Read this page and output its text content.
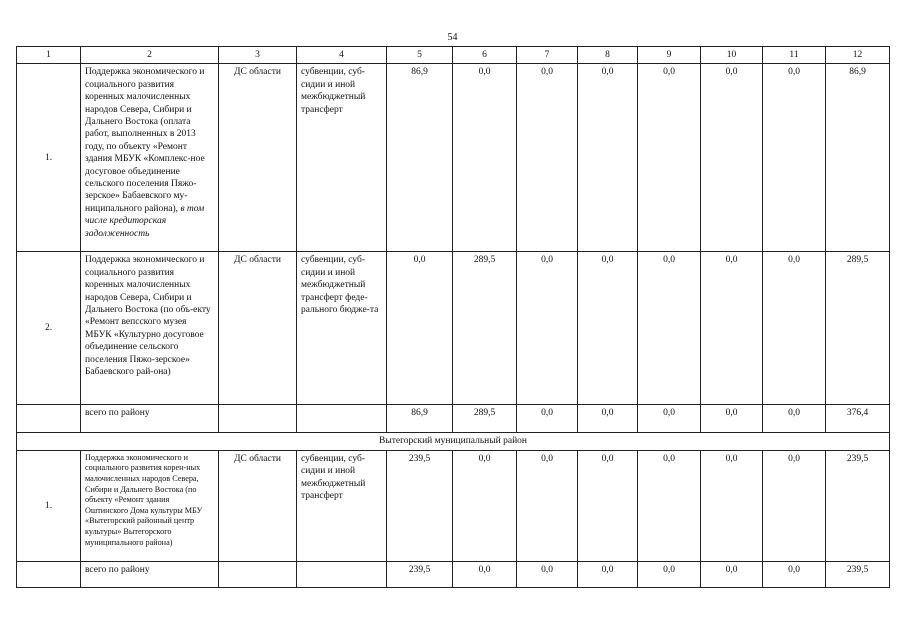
54
1	2	3	4	5	6	7	8	9	10	11	12
1.	Поддержка экономического и социального развития коренных малочисленных народов Севера, Сибири и Дальнего Востока (оплата работ, выполненных в 2013 году, по объекту «Ремонт здания МБУК «Комплекс-ное досуговое объединение сельского поселения Пяжо-зерское» Бабаевского му-ниципального района), в том числе кредиторская задолженность	ДС области	субвенции, суб-сидии и иной межбюджетный трансферт	86,9	0,0	0,0	0,0	0,0	0,0	0,0	86,9
2.	Поддержка экономического и социального развития коренных малочисленных народов Севера, Сибири и Дальнего Востока (по объ-екту «Ремонт вепсского музея МБУК «Культурно досуговое объединение сельского поселения Пяжо-зерское» Бабаевского рай-она)	ДС области	субвенции, суб-сидии и иной межбюджетный трансферт феде-рального бюдже-та	0,0	289,5	0,0	0,0	0,0	0,0	0,0	289,5
	всего по району			86,9	289,5	0,0	0,0	0,0	0,0	0,0	376,4
Вытегорский муниципальный район											
1.	Поддержка экономического и социального развития корен-ных малочисленных народов Севера, Сибири и Дальнего Востока (по объекту «Ремонт здания Оштинского Дома культуры МБУ «Вытегорский районный центр культуры» Вытегорского муниципального района)	ДС области	субвенции, суб-сидии и иной межбюджетный трансферт	239,5	0,0	0,0	0,0	0,0	0,0	0,0	239,5
	всего по району			239,5	0,0	0,0	0,0	0,0	0,0	0,0	239,5
